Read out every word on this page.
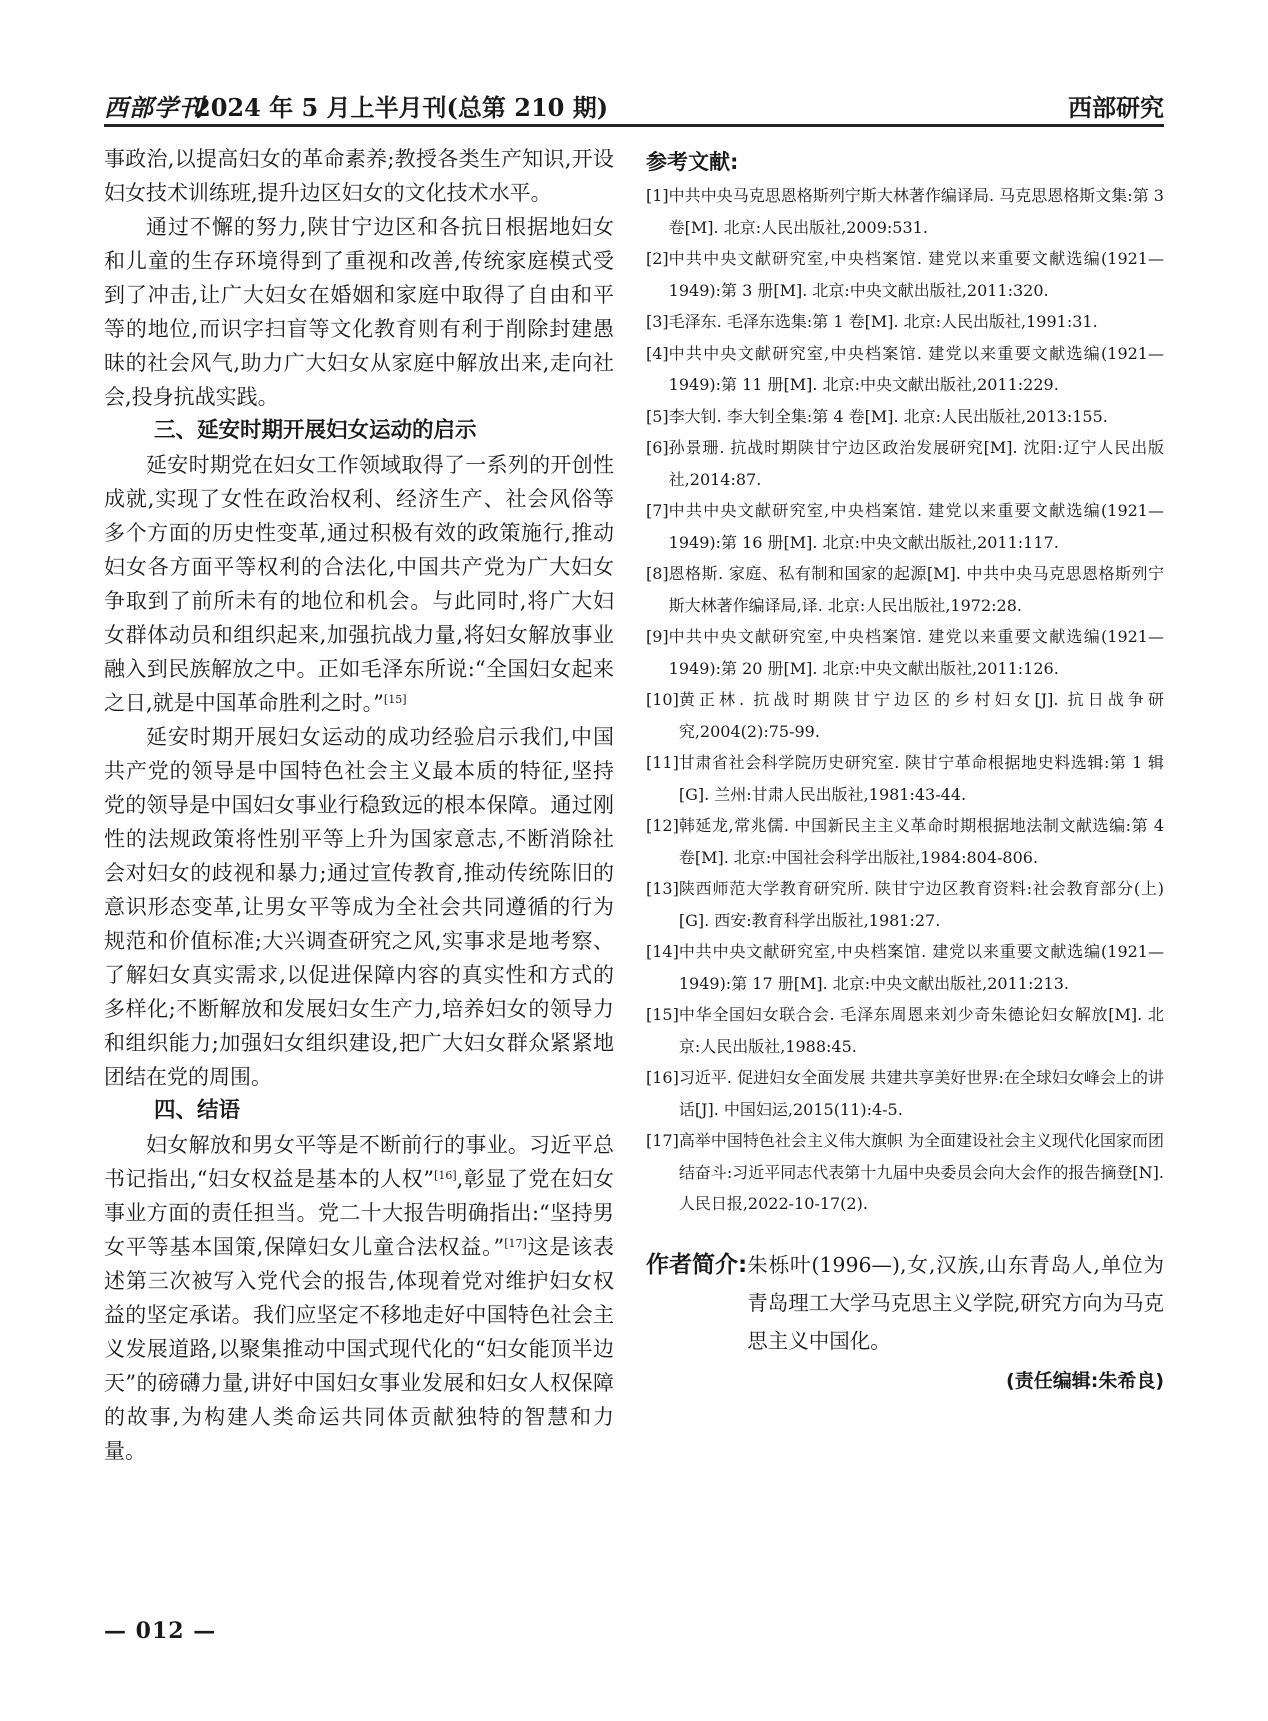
西部学刊
2024 年 5 月上半月刊(总第 210 期)	西部研究

事政治,以提高妇女的革命素养;教授各类生产知识,开设妇女技术训练班,提升边区妇女的文化技术水平。

通过不懈的努力,陕甘宁边区和各抗日根据地妇女和儿童的生存环境得到了重视和改善,传统家庭模式受到了冲击,让广大妇女在婚姻和家庭中取得了自由和平等的地位,而识字扫盲等文化教育则有利于削除封建愚昧的社会风气,助力广大妇女从家庭中解放出来,走向社会,投身抗战实践。

三、延安时期开展妇女运动的启示

延安时期党在妇女工作领域取得了一系列的开创性成就,实现了女性在政治权利、经济生产、社会风俗等多个方面的历史性变革,通过积极有效的政策施行,推动妇女各方面平等权利的合法化,中国共产党为广大妇女争取到了前所未有的地位和机会。与此同时,将广大妇女群体动员和组织起来,加强抗战力量,将妇女解放事业融入到民族解放之中。正如毛泽东所说:“全国妇女起来之日,就是中国革命胜利之时。”[15]

延安时期开展妇女运动的成功经验启示我们,中国共产党的领导是中国特色社会主义最本质的特征,坚持党的领导是中国妇女事业行稳致远的根本保障。通过刚性的法规政策将性别平等上升为国家意志,不断消除社会对妇女的歧视和暴力;通过宣传教育,推动传统陈旧的意识形态变革,让男女平等成为全社会共同遵循的行为规范和价值标准;大兴调查研究之风,实事求是地考察、了解妇女真实需求,以促进保障内容的真实性和方式的多样化;不断解放和发展妇女生产力,培养妇女的领导力和组织能力;加强妇女组织建设,把广大妇女群众紧紧地团结在党的周围。

四、结语

妇女解放和男女平等是不断前行的事业。习近平总书记指出,“妇女权益是基本的人权”[16],彰显了党在妇女事业方面的责任担当。党二十大报告明确指出:“坚持男女平等基本国策,保障妇女儿童合法权益。”[17]这是该表述第三次被写入党代会的报告,体现着党对维护妇女权益的坚定承诺。我们应坚定不移地走好中国特色社会主义发展道路,以聚集推动中国式现代化的“妇女能顶半边天”的磅礴力量,讲好中国妇女事业发展和妇女人权保障的故事,为构建人类命运共同体贡献独特的智慧和力量。

参考文献:

[1] 中共中央马克思恩格斯列宁斯大林著作编译局. 马克思恩格斯文集:第 3 卷[M]. 北京:人民出版社,2009:531.
[2] 中共中央文献研究室,中央档案馆. 建党以来重要文献选编(1921—1949):第 3 册[M]. 北京:中央文献出版社,2011:320.
[3] 毛泽东. 毛泽东选集:第 1 卷[M]. 北京:人民出版社,1991:31.
[4] 中共中央文献研究室,中央档案馆. 建党以来重要文献选编(1921—1949):第 11 册[M]. 北京:中央文献出版社,2011:229.
[5] 李大钊. 李大钊全集:第 4 卷[M]. 北京:人民出版社,2013:155.
[6] 孙景珊. 抗战时期陕甘宁边区政治发展研究[M]. 沈阳:辽宁人民出版社,2014:87.
[7] 中共中央文献研究室,中央档案馆. 建党以来重要文献选编(1921—1949):第 16 册[M]. 北京:中央文献出版社,2011:117.
[8] 恩格斯. 家庭、私有制和国家的起源[M]. 中共中央马克思恩格斯列宁斯大林著作编译局,译. 北京:人民出版社,1972:28.
[9] 中共中央文献研究室,中央档案馆. 建党以来重要文献选编(1921—1949):第 20 册[M]. 北京:中央文献出版社,2011:126.
[10] 黄正林. 抗战时期陕甘宁边区的乡村妇女[J]. 抗日战争研究,2004(2):75-99.
[11] 甘肃省社会科学院历史研究室. 陕甘宁革命根据地史料选辑:第 1 辑[G]. 兰州:甘肃人民出版社,1981:43-44.
[12] 韩延龙,常兆儒. 中国新民主主义革命时期根据地法制文献选编:第 4 卷[M]. 北京:中国社会科学出版社,1984:804-806.
[13] 陕西师范大学教育研究所. 陕甘宁边区教育资料:社会教育部分(上)[G]. 西安:教育科学出版社,1981:27.
[14] 中共中央文献研究室,中央档案馆. 建党以来重要文献选编(1921—1949):第 17 册[M]. 北京:中央文献出版社,2011:213.
[15] 中华全国妇女联合会. 毛泽东周恩来刘少奇朱德论妇女解放[M]. 北京:人民出版社,1988:45.
[16] 习近平. 促进妇女全面发展 共建共享美好世界:在全球妇女峰会上的讲话[J]. 中国妇运,2015(11):4-5.
[17] 高举中国特色社会主义伟大旗帜 为全面建设社会主义现代化国家而团结奋斗:习近平同志代表第十九届中央委员会向大会作的报告摘登[N]. 人民日报,2022-10-17(2).
作者简介: 朱栎叶(1996—),女,汉族,山东青岛人,单位为青岛理工大学马克思主义学院,研究方向为马克思主义中国化。
(责任编辑:朱希良)
— 012 —
